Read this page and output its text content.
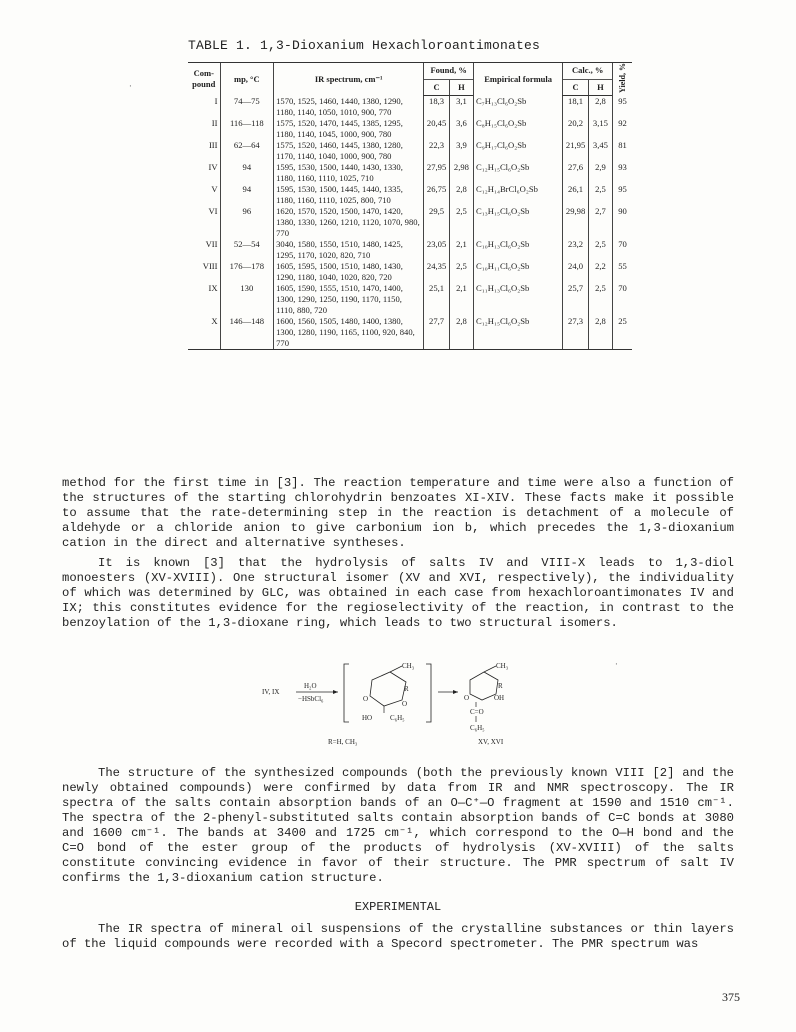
TABLE 1. 1,3-Dioxanium Hexachloroantimonates
Com- pound	mp, °C	IR spectrum, cm⁻¹	Found, %		Empirical formula	Calc., %		Yield, %
			C	H		C	H	
I	74—75	1570, 1525, 1460, 1440, 1380, 1290, 1180, 1140, 1050, 1010, 900, 770	18,3	3,1	C₇H₁₃Cl₆O₂Sb	18,1	2,8	95
II	116—118	1575, 1520, 1470, 1445, 1385, 1295, 1180, 1140, 1045, 1000, 900, 780	20,45	3,6	C₈H₁₅Cl₆O₂Sb	20,2	3,15	92
III	62—64	1575, 1520, 1460, 1445, 1380, 1280, 1170, 1140, 1040, 1000, 900, 780	22,3	3,9	C₉H₁₇Cl₆O₂Sb	21,95	3,45	81
IV	94	1595, 1530, 1500, 1440, 1430, 1330, 1180, 1160, 1110, 1025, 710	27,95	2,98	C₁₂H₁₅Cl₆O₂Sb	27,6	2,9	93
V	94	1595, 1530, 1500, 1445, 1440, 1335, 1180, 1160, 1110, 1025, 800, 710	26,75	2,8	C₁₂H₁₄BrCl₆O₂Sb	26,1	2,5	95
VI	96	1620, 1570, 1520, 1500, 1470, 1420, 1380, 1330, 1260, 1210, 1120, 1070, 980, 770	29,5	2,5	C₁₃H₁₅Cl₆O₂Sb	29,98	2,7	90
VII	52—54	3040, 1580, 1550, 1510, 1480, 1425, 1295, 1170, 1020, 820, 710	23,05	2,1	C₁₀H₁₃Cl₆O₂Sb	23,2	2,5	70
VIII	176—178	1605, 1595, 1500, 1510, 1480, 1430, 1290, 1180, 1040, 1020, 820, 720	24,35	2,5	C₁₀H₁₁Cl₆O₂Sb	24,0	2,2	55
IX	130	1605, 1590, 1555, 1510, 1470, 1400, 1300, 1290, 1250, 1190, 1170, 1150, 1110, 880, 720	25,1	2,1	C₁₁H₁₃Cl₆O₂Sb	25,7	2,5	70
X	146—148	1600, 1560, 1505, 1480, 1400, 1380, 1300, 1280, 1190, 1165, 1100, 920, 840, 770	27,7	2,8	C₁₂H₁₅Cl₆O₂Sb	27,3	2,8	25
method for the first time in [3]. The reaction temperature and time were also a function of the structures of the starting chlorohydrin benzoates XI-XIV. These facts make it possible to assume that the rate-determining step in the reaction is detachment of a molecule of aldehyde or a chloride anion to give carbonium ion b, which precedes the 1,3-dioxanium cation in the direct and alternative syntheses.
It is known [3] that the hydrolysis of salts IV and VIII-X leads to 1,3-diol monoesters (XV-XVIII). One structural isomer (XV and XVI, respectively), the individuality of which was determined by GLC, was obtained in each case from hexachloroantimonates IV and IX; this constitutes evidence for the regioselectivity of the reaction, in contrast to the benzoylation of the 1,3-dioxane ring, which leads to two structural isomers.
IV, IX
H₂O
−HSbCl₆
CH₃
R
O
O
HO	C₆H₅
CH₃
R
O	OH
C=O
C₆H₅
R=H, CH₃	XV, XVI
The structure of the synthesized compounds (both the previously known VIII [2] and the newly obtained compounds) were confirmed by data from IR and NMR spectroscopy. The IR spectra of the salts contain absorption bands of an O—C⁺—O fragment at 1590 and 1510 cm⁻¹. The spectra of the 2-phenyl-substituted salts contain absorption bands of C=C bonds at 3080 and 1600 cm⁻¹. The bands at 3400 and 1725 cm⁻¹, which correspond to the O—H bond and the C=O bond of the ester group of the products of hydrolysis (XV-XVIII) of the salts constitute convincing evidence in favor of their structure. The PMR spectrum of salt IV confirms the 1,3-dioxanium cation structure.
EXPERIMENTAL
The IR spectra of mineral oil suspensions of the crystalline substances or thin layers of the liquid compounds were recorded with a Specord spectrometer. The PMR spectrum was
375
·
·
